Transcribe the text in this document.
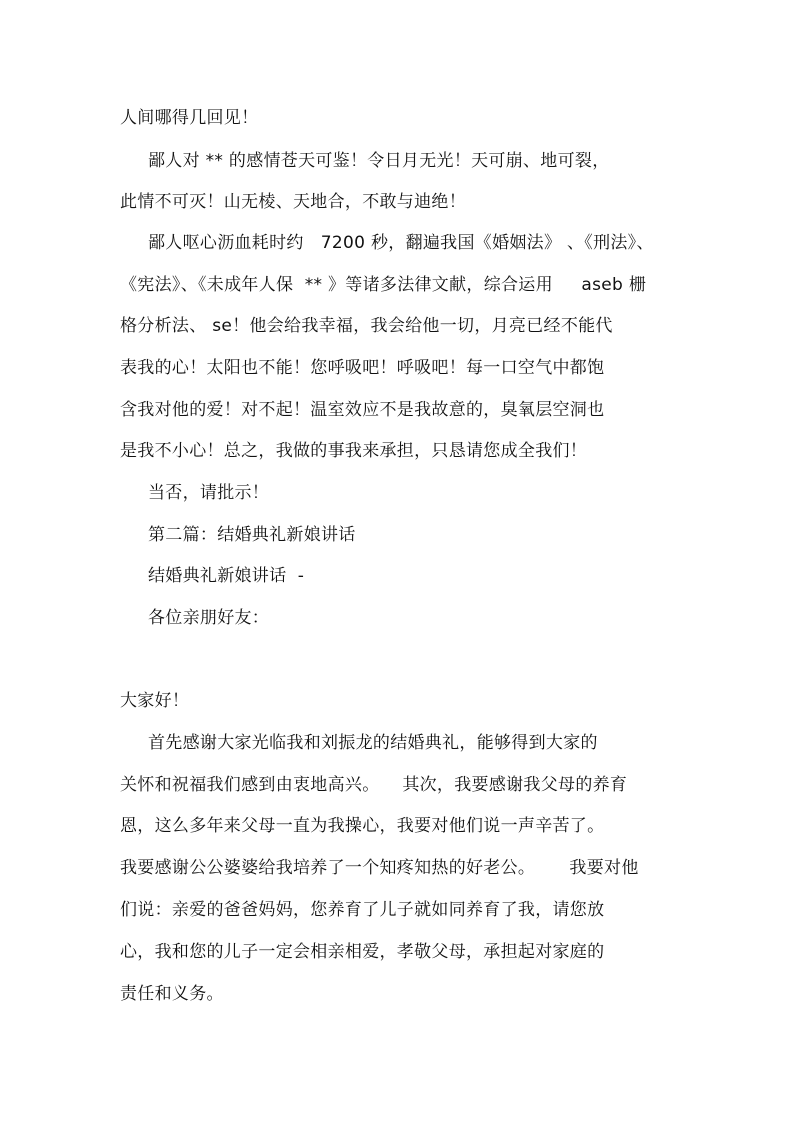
人间哪得几回见！
鄙人对 ** 的感情苍天可鉴！令日月无光！天可崩、地可裂，
此情不可灭！山无棱、天地合，不敢与迪绝！
鄙人呕心沥血耗时约   7200 秒，翻遍我国《婚姻法》 、《刑法》、
《宪法》、《未成年人保  ** 》等诸多法律文献，综合运用     aseb 栅
格分析法、 se！他会给我幸福，我会给他一切，月亮已经不能代
表我的心！太阳也不能！您呼吸吧！呼吸吧！每一口空气中都饱
含我对他的爱！对不起！温室效应不是我故意的，臭氧层空洞也
是我不小心！总之，我做的事我来承担，只恳请您成全我们！
当否，请批示！
第二篇：结婚典礼新娘讲话
结婚典礼新娘讲话  -
各位亲朋好友：
大家好！
首先感谢大家光临我和刘振龙的结婚典礼，能够得到大家的
关怀和祝福我们感到由衷地高兴。    其次，我要感谢我父母的养育
恩，这么多年来父母一直为我操心，我要对他们说一声辛苦了。
我要感谢公公婆婆给我培养了一个知疼知热的好老公。      我要对他
们说：亲爱的爸爸妈妈，您养育了儿子就如同养育了我，请您放
心，我和您的儿子一定会相亲相爱，孝敬父母，承担起对家庭的
责任和义务。
